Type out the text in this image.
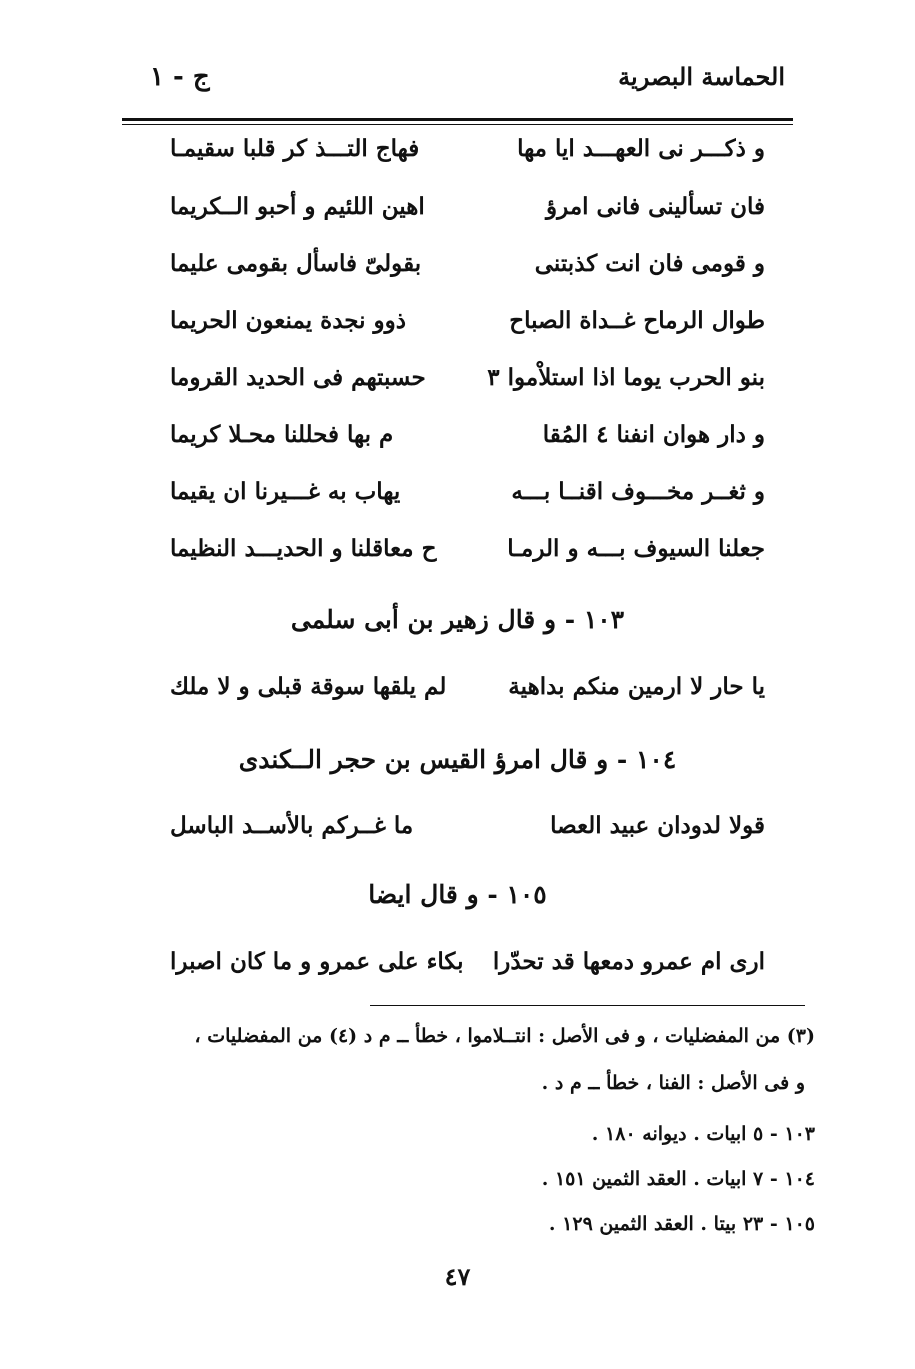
الحماسة البصرية
ج - ١
و ذكـــر نى العهـــد ايا مها
فهاج التـــذ كر قلبا سقيمـا
فان تسألينى فانى امرؤ
اهين اللئيم و أحبو الــكريما
و قومى فان انت كذبتنى
بقولىّ فاسأل بقومى عليما
طوال الرماح غــداة الصباح
ذوو نجدة يمنعون الحريما
بنو الحرب يوما اذا استلاْموا ٣
حسبتهم فى الحديد القروما
و دار هوان انفنا ٤ المُقا
م بها فحللنا محـلا كريما
و ثغــر مخـــوف اقنــا بـــه
يهاب به غـــيرنا ان يقيما
جعلنا السيوف بـــه و الرمـا
ح معاقلنا و الحديـــد النظيما
١٠٣ - و قال زهير بن أبى سلمى
يا حار لا ارمين منكم بداهية
لم يلقها سوقة قبلى و لا ملك
١٠٤ - و قال امرؤ القيس بن حجر الــكندى
قولا لدودان عبيد العصا
ما غــركم بالأســد الباسل
١٠٥ - و قال ايضا
ارى ام عمرو دمعها قد تحدّرا
بكاء على عمرو و ما كان اصبرا
(٣) من المفضليات ، و فى الأصل : انتــلاموا ، خطأ ــ م د (٤) من المفضليات ،
و فى الأصل : الفنا ، خطأ ــ م د .
١٠٣ - ٥ ابيات . ديوانه ١٨٠ .
١٠٤ - ٧ ابيات . العقد الثمين ١٥١ .
١٠٥ - ٢٣ بيتا . العقد الثمين ١٢٩ .
٤٧
